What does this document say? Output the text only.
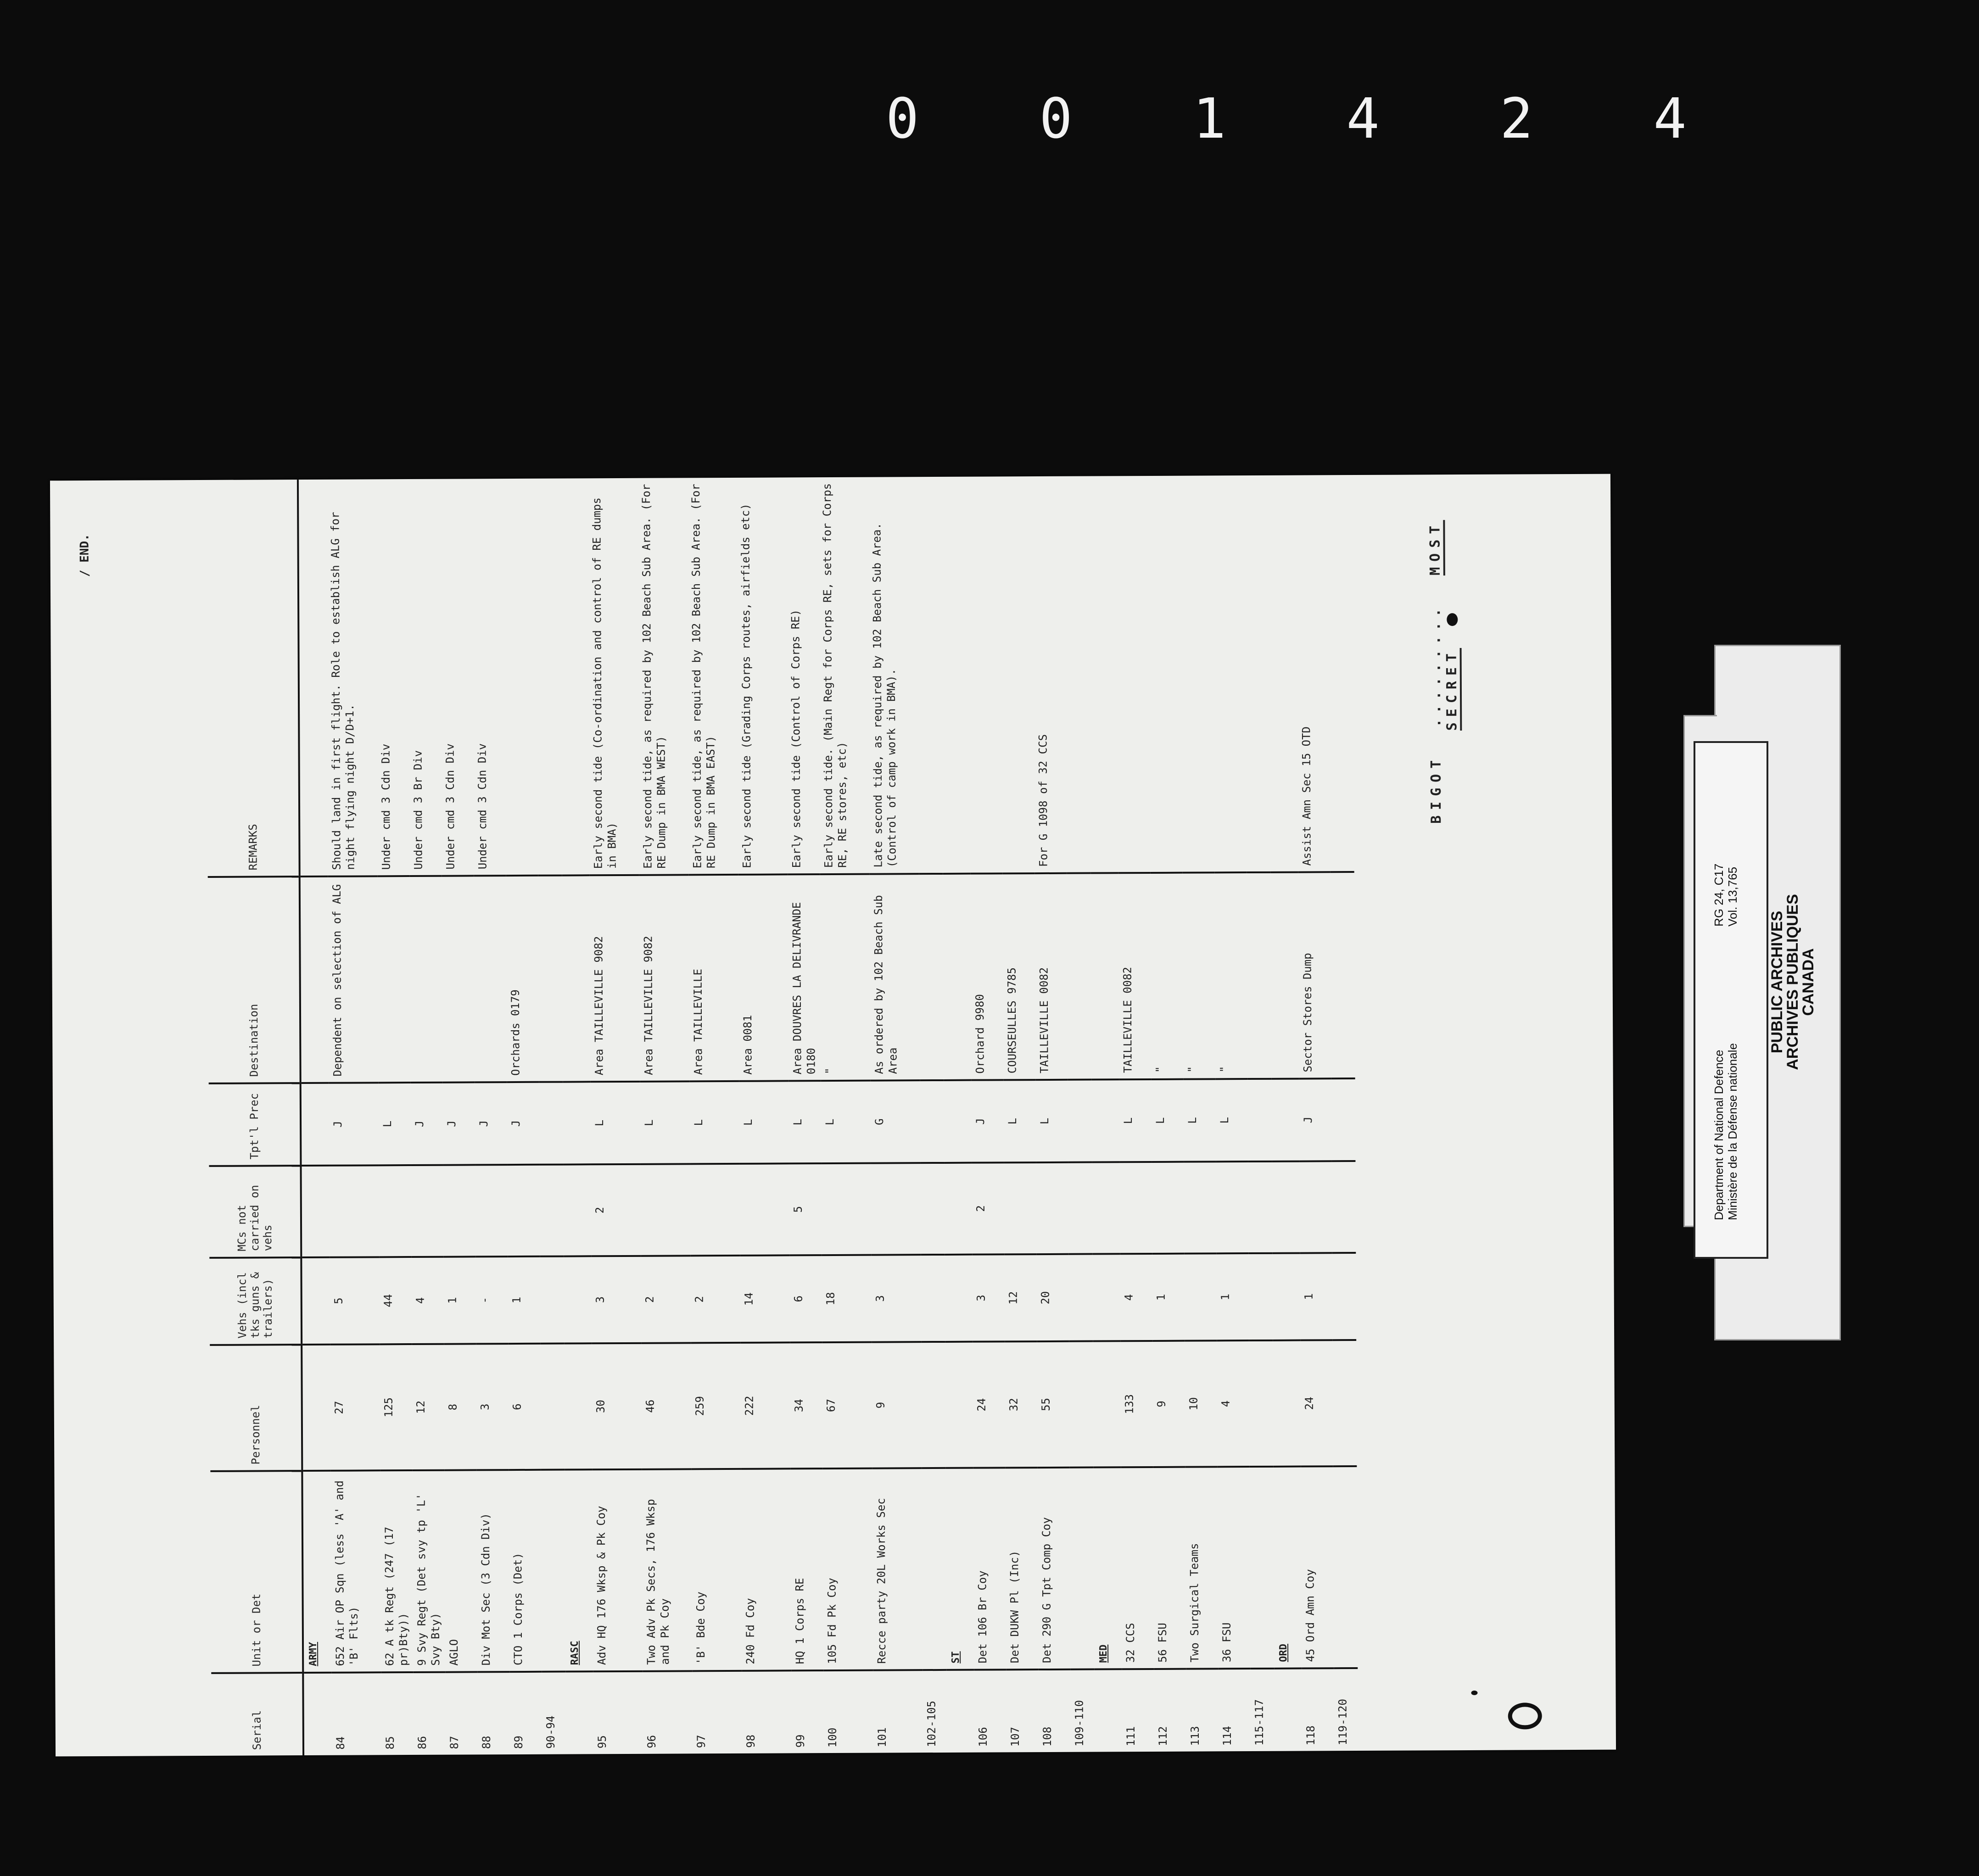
0 0 1 4 2 4
BIGOT  .........  MOST SECRET
Serial	Unit or Det	Personnel	Vehs (incl tks guns & trailers)	MCs not carried on vehs	Tpt'l Prec	Destination	REMARKS
	ARMY						
84	652 Air OP Sqn (less 'A' and 'B' Flts)	27	5		J	Dependent on selection of ALG	Should land in first flight. Role to establish ALG for night flying night D/D+1.
85	62 A tk Regt (247 (17 pr)Bty))	125	44		L		Under cmd 3 Cdn Div
86	9 Svy Regt (Det svy tp 'L' Svy Bty)	12	4		J		Under cmd 3 Br Div
87	AGLO	8	1		J		Under cmd 3 Cdn Div
88	Div Mot Sec (3 Cdn Div)	3	-		J		Under cmd 3 Cdn Div
89	CTO 1 Corps (Det)	6	1		J	Orchards 0179	
90-94							
	RASC						
95	Adv HQ 176 Wksp & Pk Coy	30	3	2	L	Area TAILLEVILLE 9082	Early second tide (Co-ordination and control of RE dumps in BMA)
96	Two Adv Pk Secs, 176 Wksp and Pk Coy	46	2		L	Area TAILLEVILLE 9082	Early second tide, as required by 102 Beach Sub Area. (For RE Dump in BMA WEST)
97	'B' Bde Coy	259	2		L	Area TAILLEVILLE	Early second tide, as required by 102 Beach Sub Area. (For RE Dump in BMA EAST)
98	240 Fd Coy	222	14		L	Area 0081	Early second tide (Grading Corps routes, airfields etc)
99	HQ 1 Corps RE	34	6	5	L	Area DOUVRES LA DELIVRANDE 0180	Early second tide (Control of Corps RE)
100	105 Fd Pk Coy	67	18		L	"	Early second tide. (Main Regt for Corps RE, sets for Corps RE, RE stores, etc)
101	Recce party 20L Works Sec	9	3		G	As ordered by 102 Beach Sub Area	Late second tide, as required by 102 Beach Sub Area. (Control of camp work in BMA).
102-105							
	ST						
106	Det 106 Br Coy	24	3	2	J	Orchard 9980	
107	Det DUKW Pl (Inc)	32	12		L	COURSEULLES 9785	
108	Det 290 G Tpt Comp Coy	55	20		L	TAILLEVILLE 0082	For G 1098 of 32 CCS
109-110							
	MED						
111	32 CCS	133	4		L	TAILLEVILLE 0082	
112	56 FSU	9	1		L	"	
113	Two Surgical Teams	10			L	"	
114	36 FSU	4	1		L	"	
115-117							
	ORD						
118	45 Ord Amn Coy	24	1		J	Sector Stores Dump	Assist Amn Sec 15 OTD
119-120							
/ END.
Department of National Defence Ministère de la Défense nationale
RG 24, C17 Vol. 13,765
PUBLIC ARCHIVES
ARCHIVES PUBLIQUES
CANADA
